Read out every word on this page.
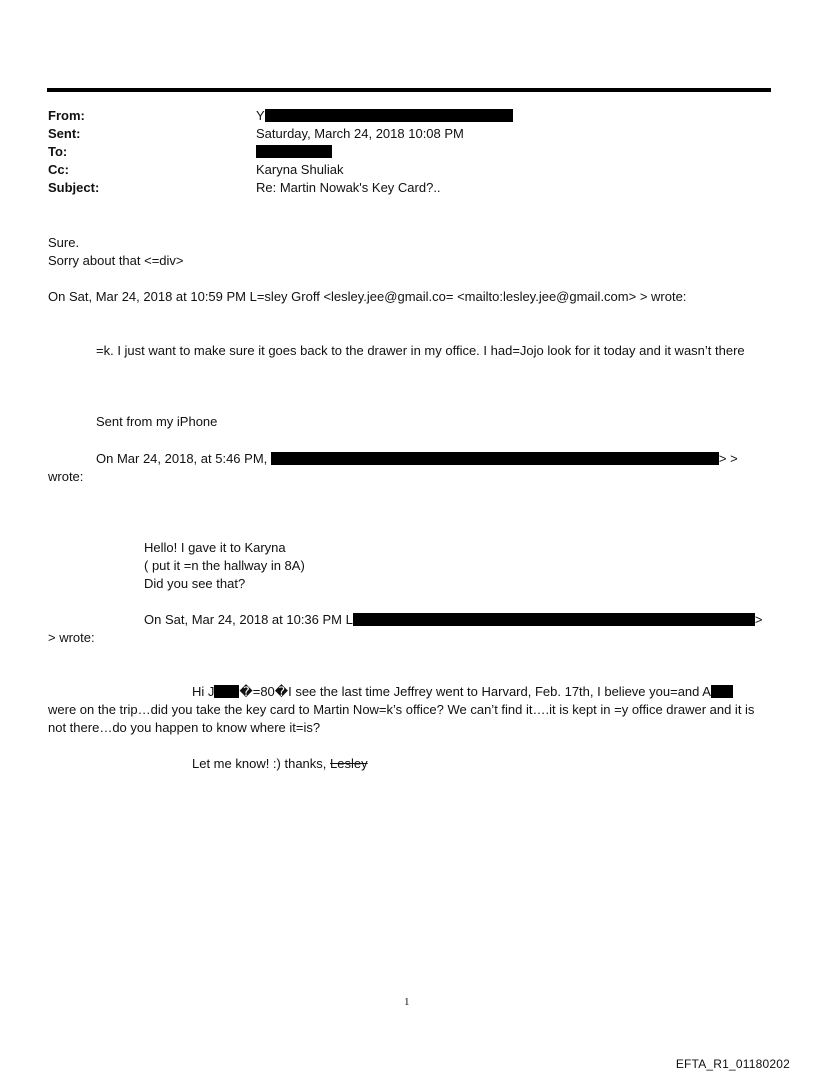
From:	Y
Sent:	Saturday, March 24, 2018 10:08 PM
To:
Cc:	Karyna Shuliak
Subject:	Re: Martin Nowak's Key Card?..
Sure.
Sorry about that <=div>
On Sat, Mar 24, 2018 at 10:59 PM L=sley Groff <lesley.jee@gmail.co= <mailto:lesley.jee@gmail.com> > wrote:
=k. I just want to make sure it goes back to the drawer in my office. I had=Jojo look for it today and it wasn’t there
Sent from my iPhone
On Mar 24, 2018, at 5:46 PM,	> >
wrote:
Hello! I gave it to Karyna
( put it =n the hallway in 8A)
Did you see that?
On Sat, Mar 24, 2018 at 10:36 PM L	>
> wrote:
Hi J �=80�I see the last time Jeffrey went to Harvard, Feb. 17th, I believe you=and A
were on the trip…did you take the key card to Martin Now=k’s office? We can’t find it….it is kept in =y office drawer and it is not there…do you happen to know where it=is?
Let me know! :) thanks, Lesley
1
EFTA_R1_01180202
